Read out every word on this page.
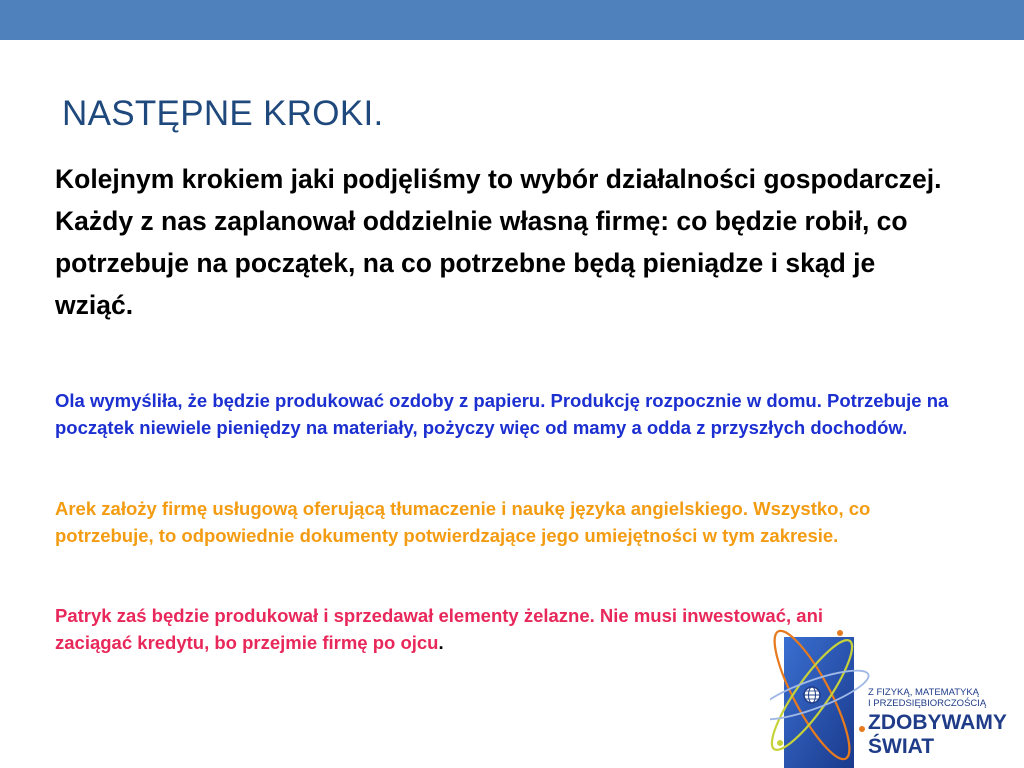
NASTĘPNE KROKI.

Kolejnym krokiem jaki podjęliśmy to wybór działalności gospodarczej. Każdy z nas zaplanował oddzielnie własną firmę: co będzie robił, co potrzebuje na początek, na co potrzebne będą pieniądze i skąd je wziąć.

Ola wymyśliła, że będzie produkować ozdoby z papieru. Produkcję rozpocznie w domu. Potrzebuje na początek niewiele pieniędzy na materiały, pożyczy więc od mamy a odda z przyszłych dochodów.

Arek założy firmę usługową oferującą tłumaczenie i naukę języka angielskiego. Wszystko, co potrzebuje, to odpowiednie dokumenty potwierdzające jego umiejętności w tym zakresie.

Patryk zaś będzie produkował i sprzedawał elementy żelazne. Nie musi inwestować, ani zaciągać kredytu, bo przejmie firmę po ojcu.

Z FIZYKĄ, MATEMATYKĄ
I PRZEDSIĘBIORCZOŚCIĄ
ZDOBYWAMY
ŚWIAT
